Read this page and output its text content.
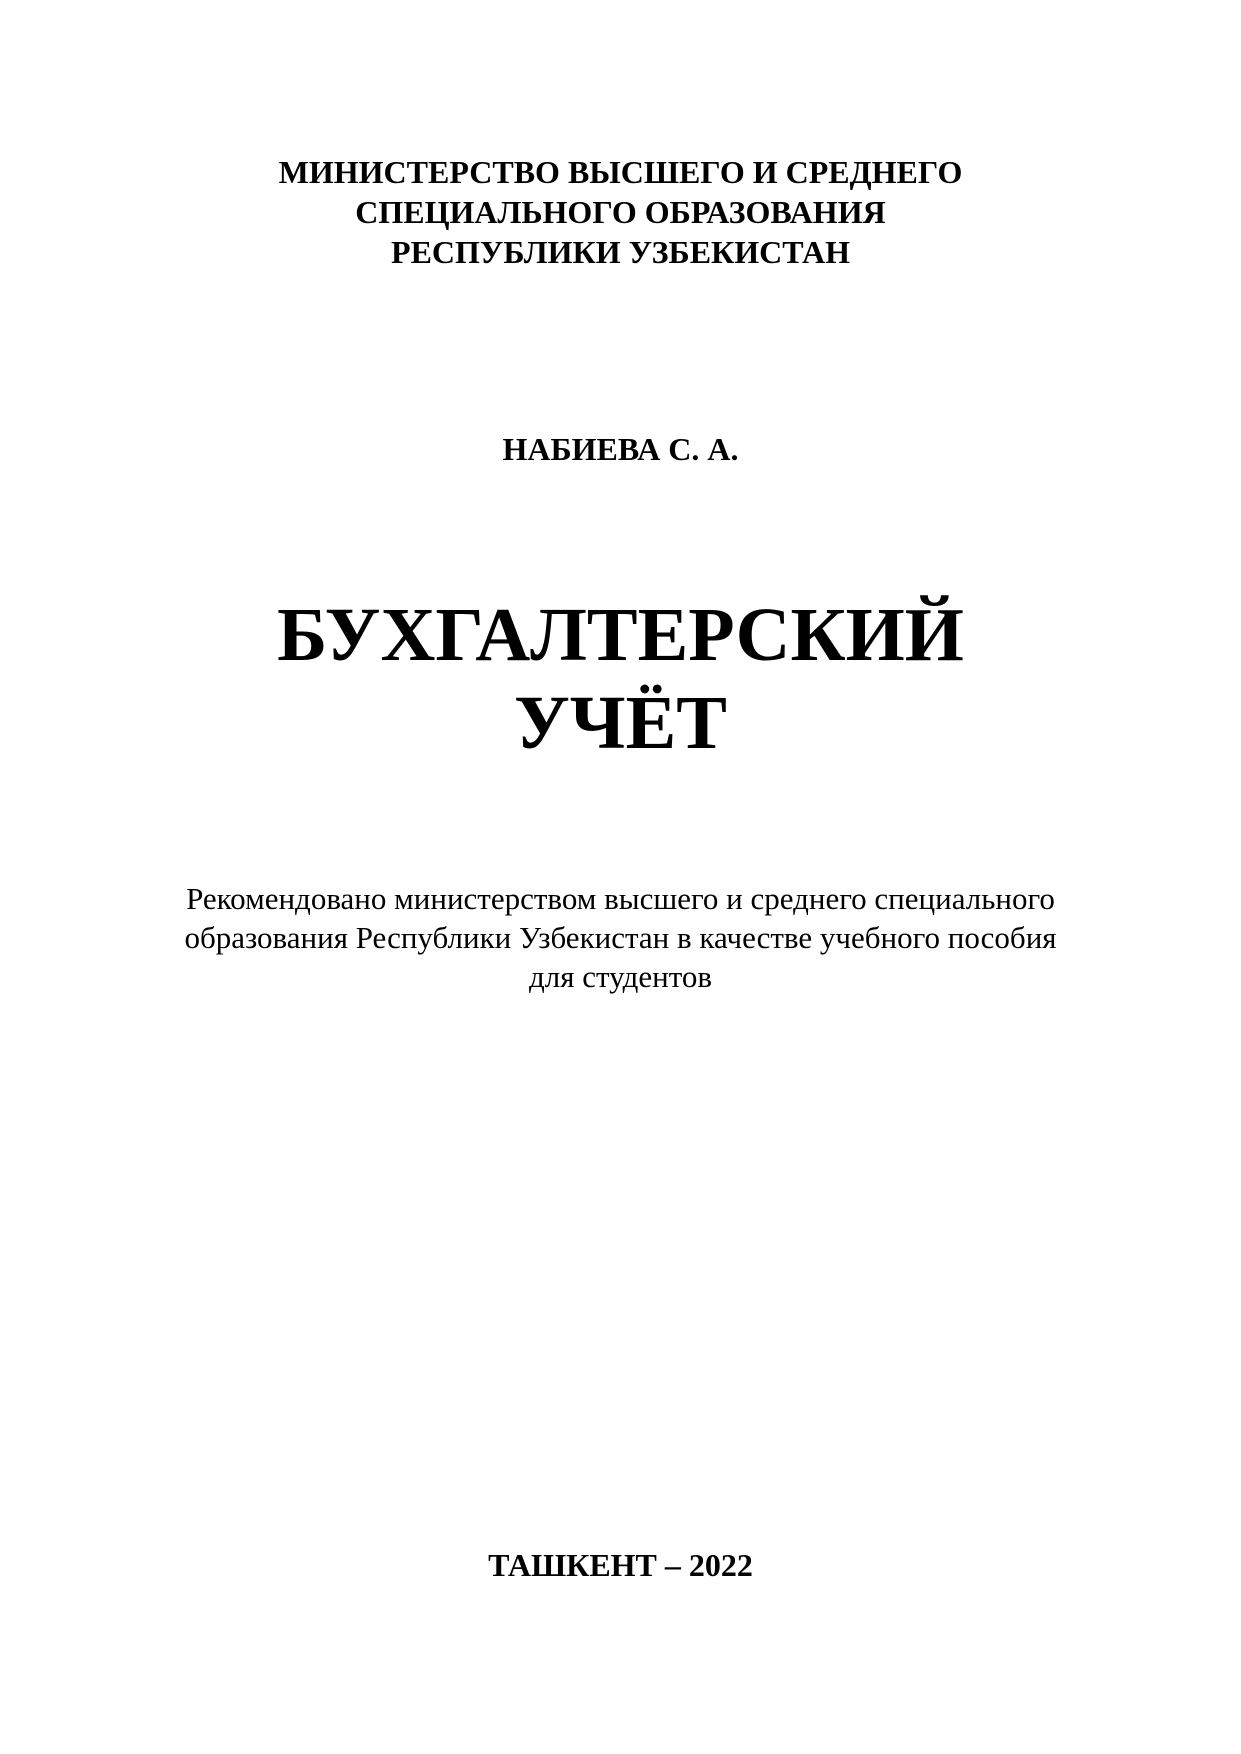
МИНИСТЕРСТВО ВЫСШЕГО И СРЕДНЕГО
СПЕЦИАЛЬНОГО ОБРАЗОВАНИЯ
РЕСПУБЛИКИ УЗБЕКИСТАН
НАБИЕВА С. А.
БУХГАЛТЕРСКИЙ
УЧЁТ
Рекомендовано министерством высшего и среднего специального
образования Республики Узбекистан в качестве учебного пособия
для студентов
ТАШКЕНТ – 2022
